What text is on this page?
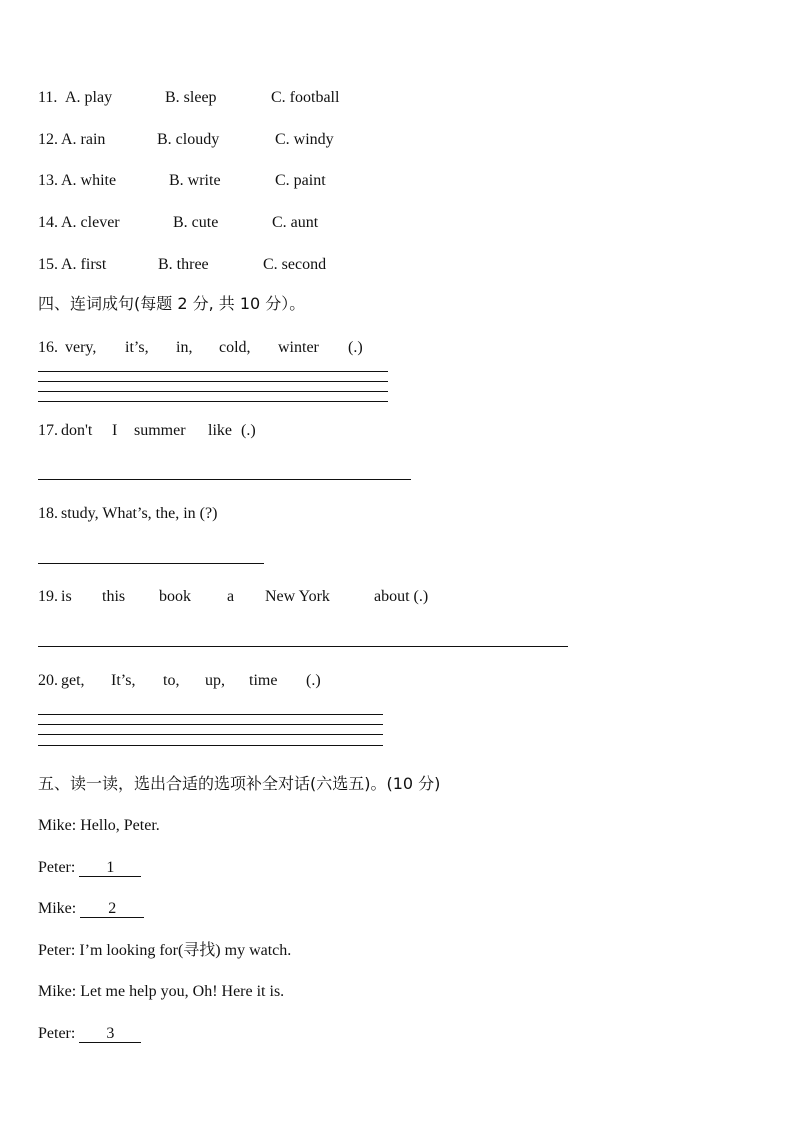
11. A. play	B. sleep	C. football
12. A. rain	B. cloudy	C. windy
13. A. white	B. write	C. paint
14. A. clever	B. cute	C. aunt
15. A. first	B. three	C. second
四、连词成句(每题 2 分, 共 10 分）。
16. very, it’s, in, cold, winter (.)
17. don't I summer like (.)
18. study, What’s, the, in (?)
19. is this book a New York	about (.)
20. get, It’s, to, up, time (.)
五、读一读，选出合适的选项补全对话(六选五)。(10 分)
Mike: Hello, Peter.
Peter: 1
Mike: 2
Peter: I’m looking for(寻找) my watch.
Mike: Let me help you, Oh! Here it is.
Peter: 3
